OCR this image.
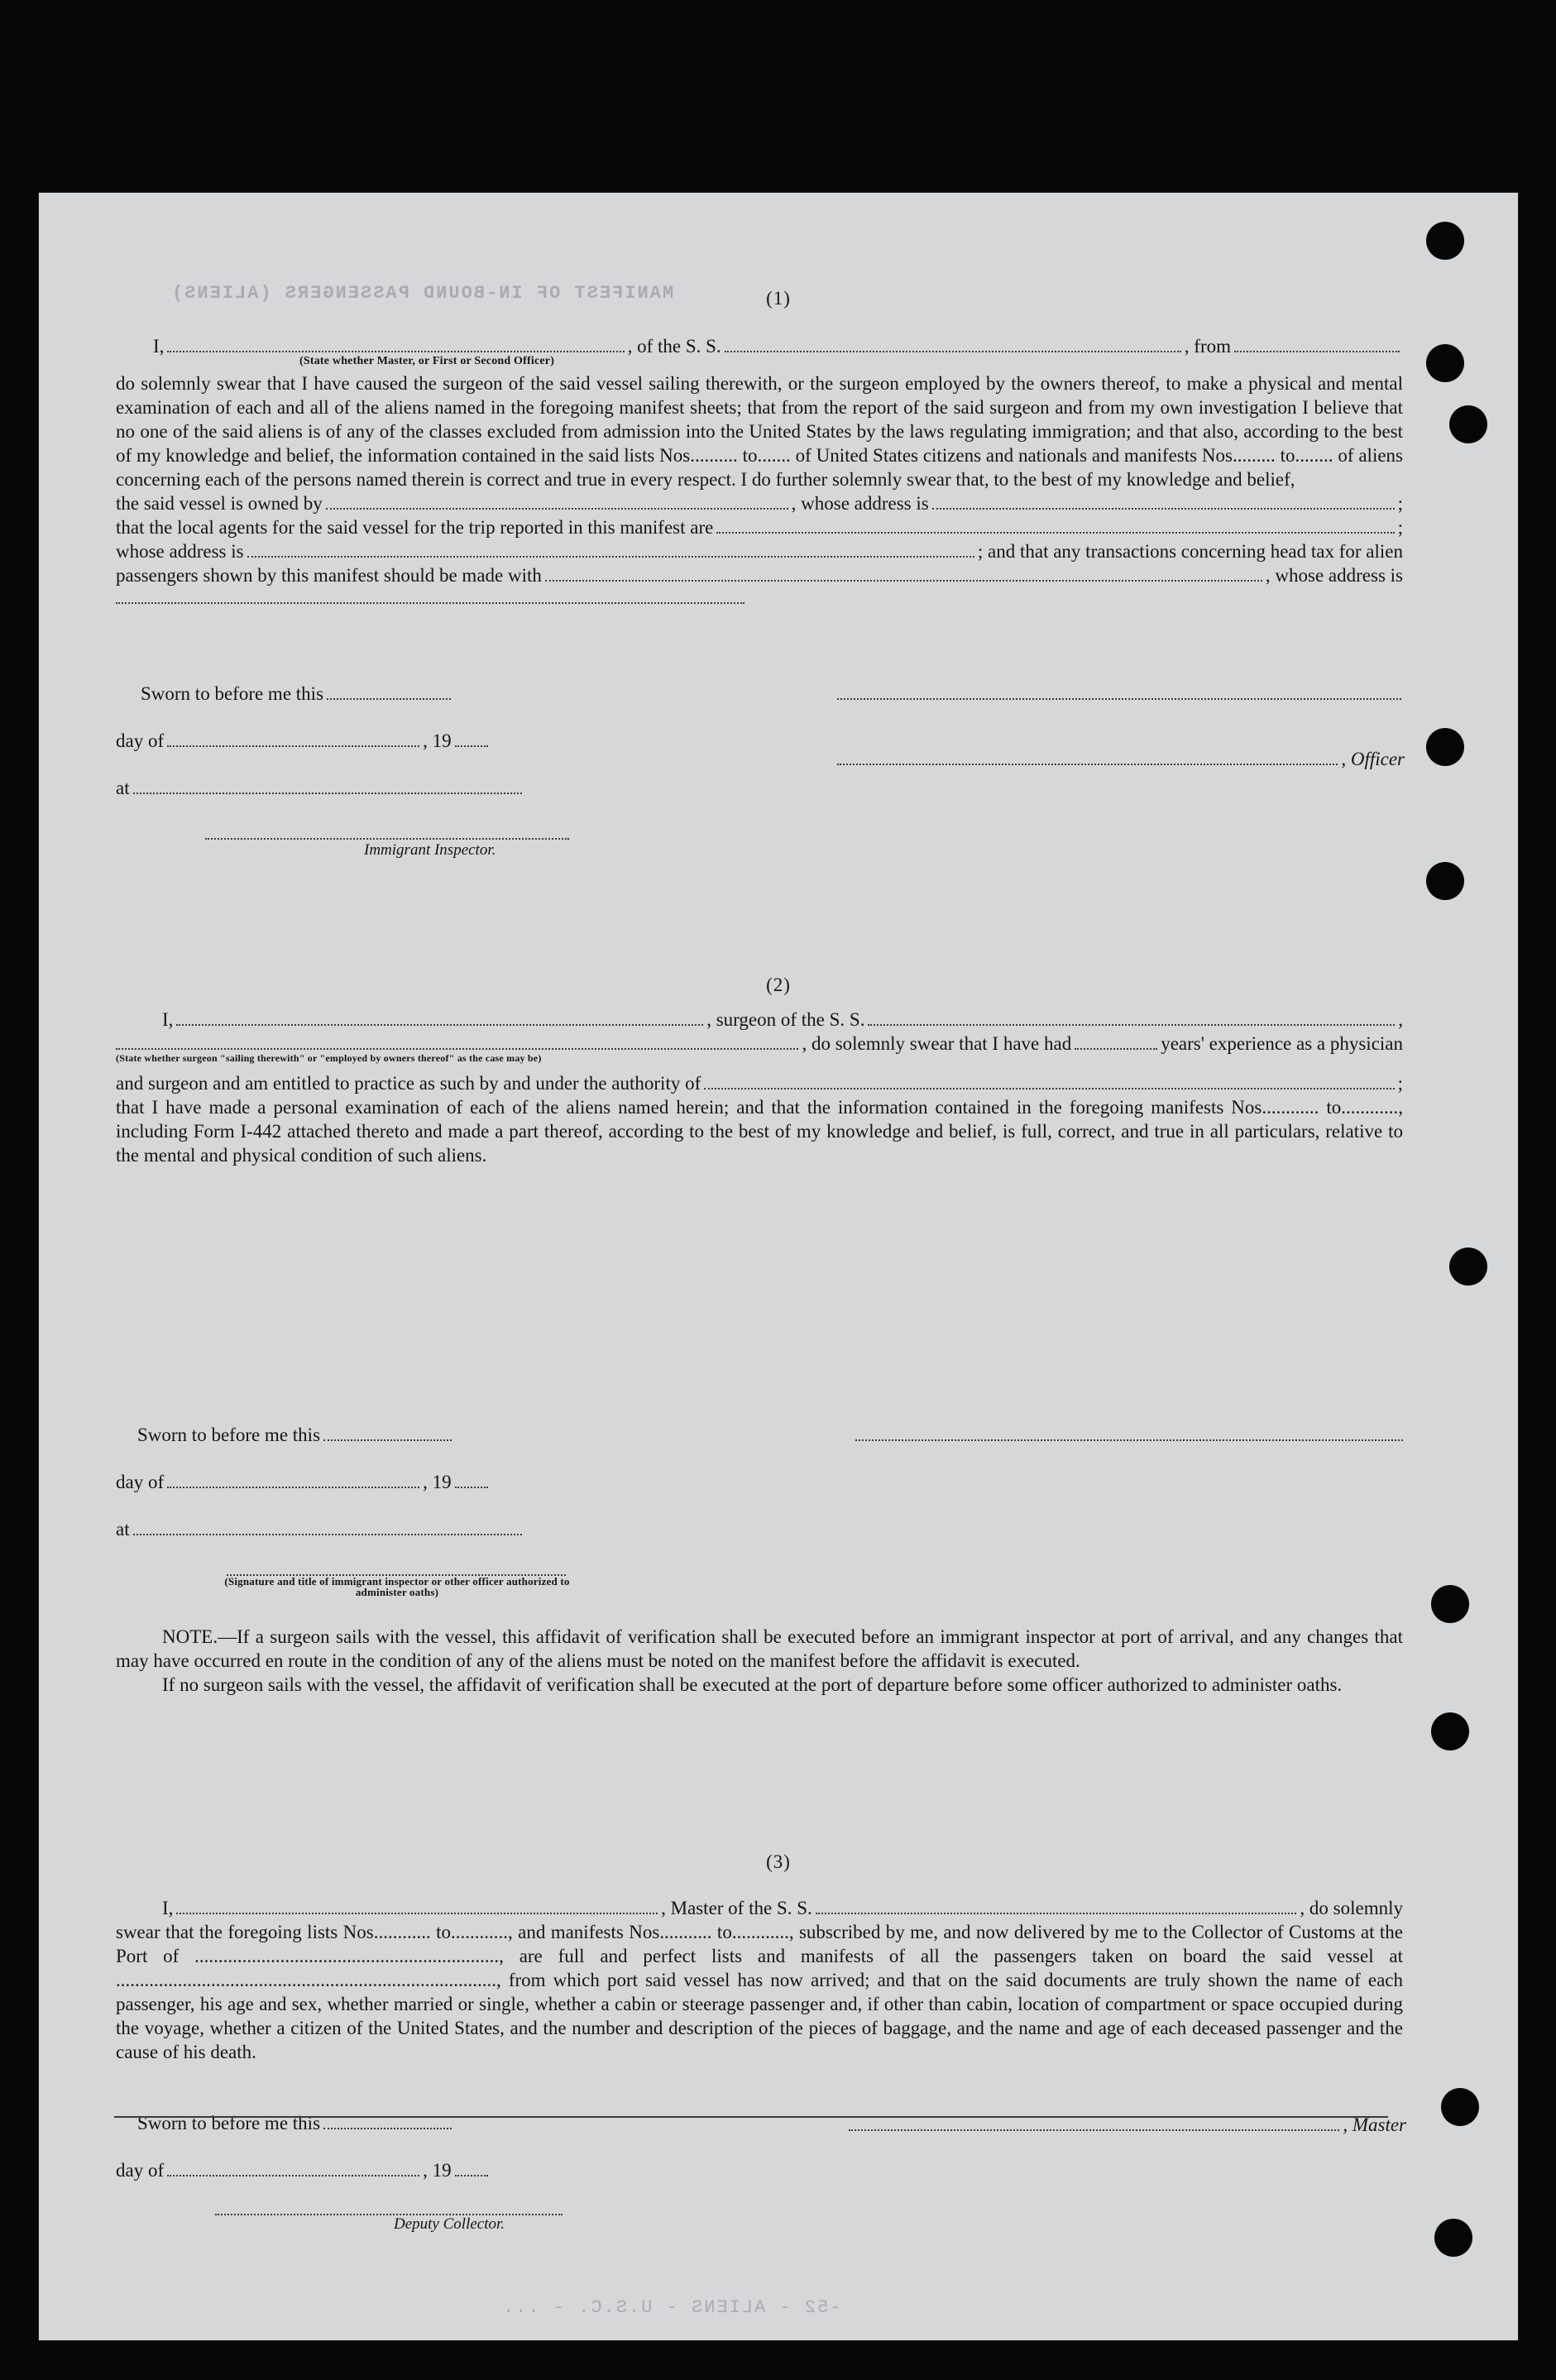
MANIFEST OF IN-BOUND PASSENGERS (ALIENS)
-52 - ALIENS - U.S.C. - ...
(1)
I,	, of the S. S.	, from
(State whether Master, or First or Second Officer)

do solemnly swear that I have caused the surgeon of the said vessel sailing therewith, or the surgeon employed by the owners thereof, to make a physical and mental examination of each and all of the aliens named in the foregoing manifest sheets; that from the report of the said surgeon and from my own investigation I believe that no one of the said aliens is of any of the classes excluded from admission into the United States by the laws regulating immigration; and that also, according to the best of my knowledge and belief, the information contained in the said lists Nos.......... to....... of United States citizens and nationals and manifests Nos......... to........ of aliens concerning each of the persons named therein is correct and true in every respect. I do further solemnly swear that, to the best of my knowledge and belief,

the said vessel is owned by	, whose address is	;
that the local agents for the said vessel for the trip reported in this manifest are	;
whose address is	; and that any transactions concerning head tax for alien
passengers shown by this manifest should be made with	, whose address is
Sworn to before me this
day of	, 19
at
Immigrant Inspector.
, Officer
(2)
I,	, surgeon of the S. S.	,
, do solemnly swear that I have had	years' experience as a physician
(State whether surgeon "sailing therewith" or "employed by owners thereof" as the case may be)
and surgeon and am entitled to practice as such by and under the authority of	;

that I have made a personal examination of each of the aliens named herein; and that the information contained in the foregoing manifests Nos............ to............, including Form I-442 attached thereto and made a part thereof, according to the best of my knowledge and belief, is full, correct, and true in all particulars, relative to the mental and physical condition of such aliens.

Sworn to before me this
day of	, 19
at
(Signature and title of immigrant inspector or other officer authorized to administer oaths)

NOTE.—If a surgeon sails with the vessel, this affidavit of verification shall be executed before an immigrant inspector at port of arrival, and any changes that may have occurred en route in the condition of any of the aliens must be noted on the manifest before the affidavit is executed.

If no surgeon sails with the vessel, the affidavit of verification shall be executed at the port of departure before some officer authorized to administer oaths.

(3)
I,	, Master of the S. S.	, do solemnly

swear that the foregoing lists Nos............ to............, and manifests Nos........... to............, subscribed by me, and now delivered by me to the Collector of Customs at the Port of ................................................................, are full and perfect lists and manifests of all the passengers taken on board the said vessel at ................................................................................, from which port said vessel has now arrived; and that on the said documents are truly shown the name of each passenger, his age and sex, whether married or single, whether a cabin or steerage passenger and, if other than cabin, location of compartment or space occupied during the voyage, whether a citizen of the United States, and the number and description of the pieces of baggage, and the name and age of each deceased passenger and the cause of his death.

Sworn to before me this
day of	, 19
Deputy Collector.
, Master
